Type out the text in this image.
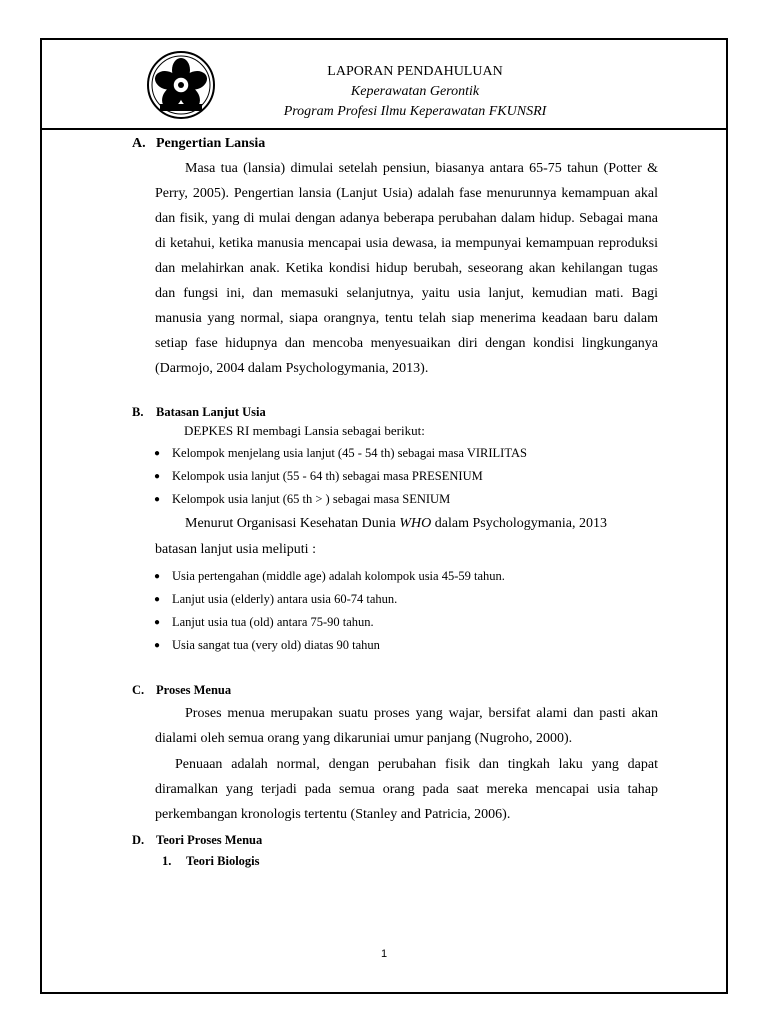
LAPORAN PENDAHULUAN
Keperawatan Gerontik
Program Profesi Ilmu Keperawatan FKUNSRI
A. Pengertian Lansia

Masa tua (lansia) dimulai setelah pensiun, biasanya antara 65-75 tahun (Potter & Perry, 2005). Pengertian lansia (Lanjut Usia) adalah fase menurunnya kemampuan akal dan fisik, yang di mulai dengan adanya beberapa perubahan dalam hidup. Sebagai mana di ketahui, ketika manusia mencapai usia dewasa, ia mempunyai kemampuan reproduksi dan melahirkan anak. Ketika kondisi hidup berubah, seseorang akan kehilangan tugas dan fungsi ini, dan memasuki selanjutnya, yaitu usia lanjut, kemudian mati. Bagi manusia yang normal, siapa orangnya, tentu telah siap menerima keadaan baru dalam setiap fase hidupnya dan mencoba menyesuaikan diri dengan kondisi lingkunganya (Darmojo, 2004 dalam Psychologymania, 2013).

B.	Batasan Lanjut Usia

DEPKES RI membagi Lansia sebagai berikut:

● Kelompok menjelang usia lanjut (45 - 54 th) sebagai masa VIRILITAS
● Kelompok usia lanjut (55 - 64 th) sebagai masa PRESENIUM
● Kelompok usia lanjut (65 th > ) sebagai masa SENIUM

Menurut Organisasi Kesehatan Dunia WHO dalam Psychologymania, 2013

batasan lanjut usia meliputi :

● Usia pertengahan (middle age) adalah kolompok usia 45-59 tahun.
● Lanjut usia (elderly) antara usia 60-74 tahun.
● Lanjut usia tua (old) antara 75-90 tahun.
● Usia sangat tua (very old) diatas 90 tahun
C. Proses Menua

Proses menua merupakan suatu proses yang wajar, bersifat alami dan pasti akan dialami oleh semua orang yang dikaruniai umur panjang (Nugroho, 2000).

Penuaan adalah normal, dengan perubahan fisik dan tingkah laku yang dapat diramalkan yang terjadi pada semua orang pada saat mereka mencapai usia tahap perkembangan kronologis tertentu (Stanley and Patricia, 2006).

D. Teori Proses Menua
1.	Teori Biologis
1
